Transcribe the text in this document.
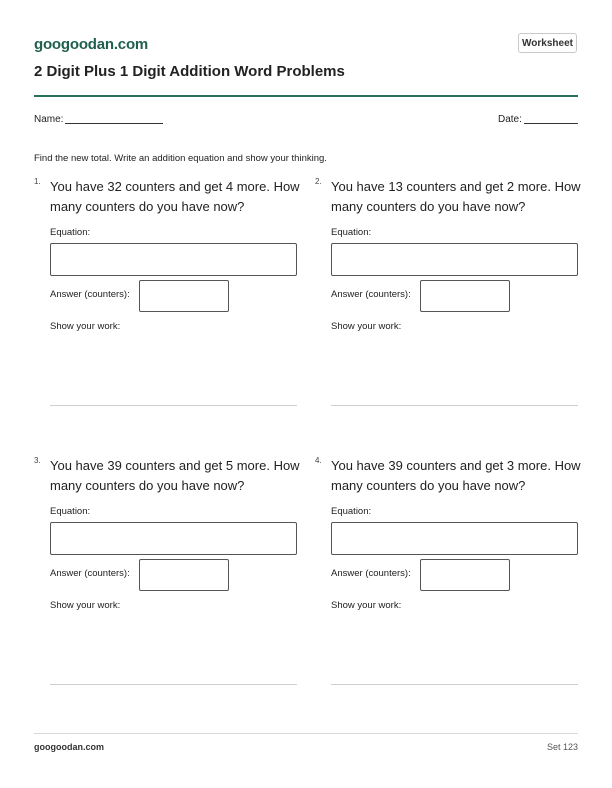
googoodan.com	Worksheet
2 Digit Plus 1 Digit Addition Word Problems
Name:	Date:
Find the new total. Write an addition equation and show your thinking.
1. You have 32 counters and get 4 more. How many counters do you have now?
Equation:
Answer (counters):
Show your work:
2. You have 13 counters and get 2 more. How many counters do you have now?
Equation:
Answer (counters):
Show your work:
3. You have 39 counters and get 5 more. How many counters do you have now?
Equation:
Answer (counters):
Show your work:
4. You have 39 counters and get 3 more. How many counters do you have now?
Equation:
Answer (counters):
Show your work:
googoodan.com	Set 123
